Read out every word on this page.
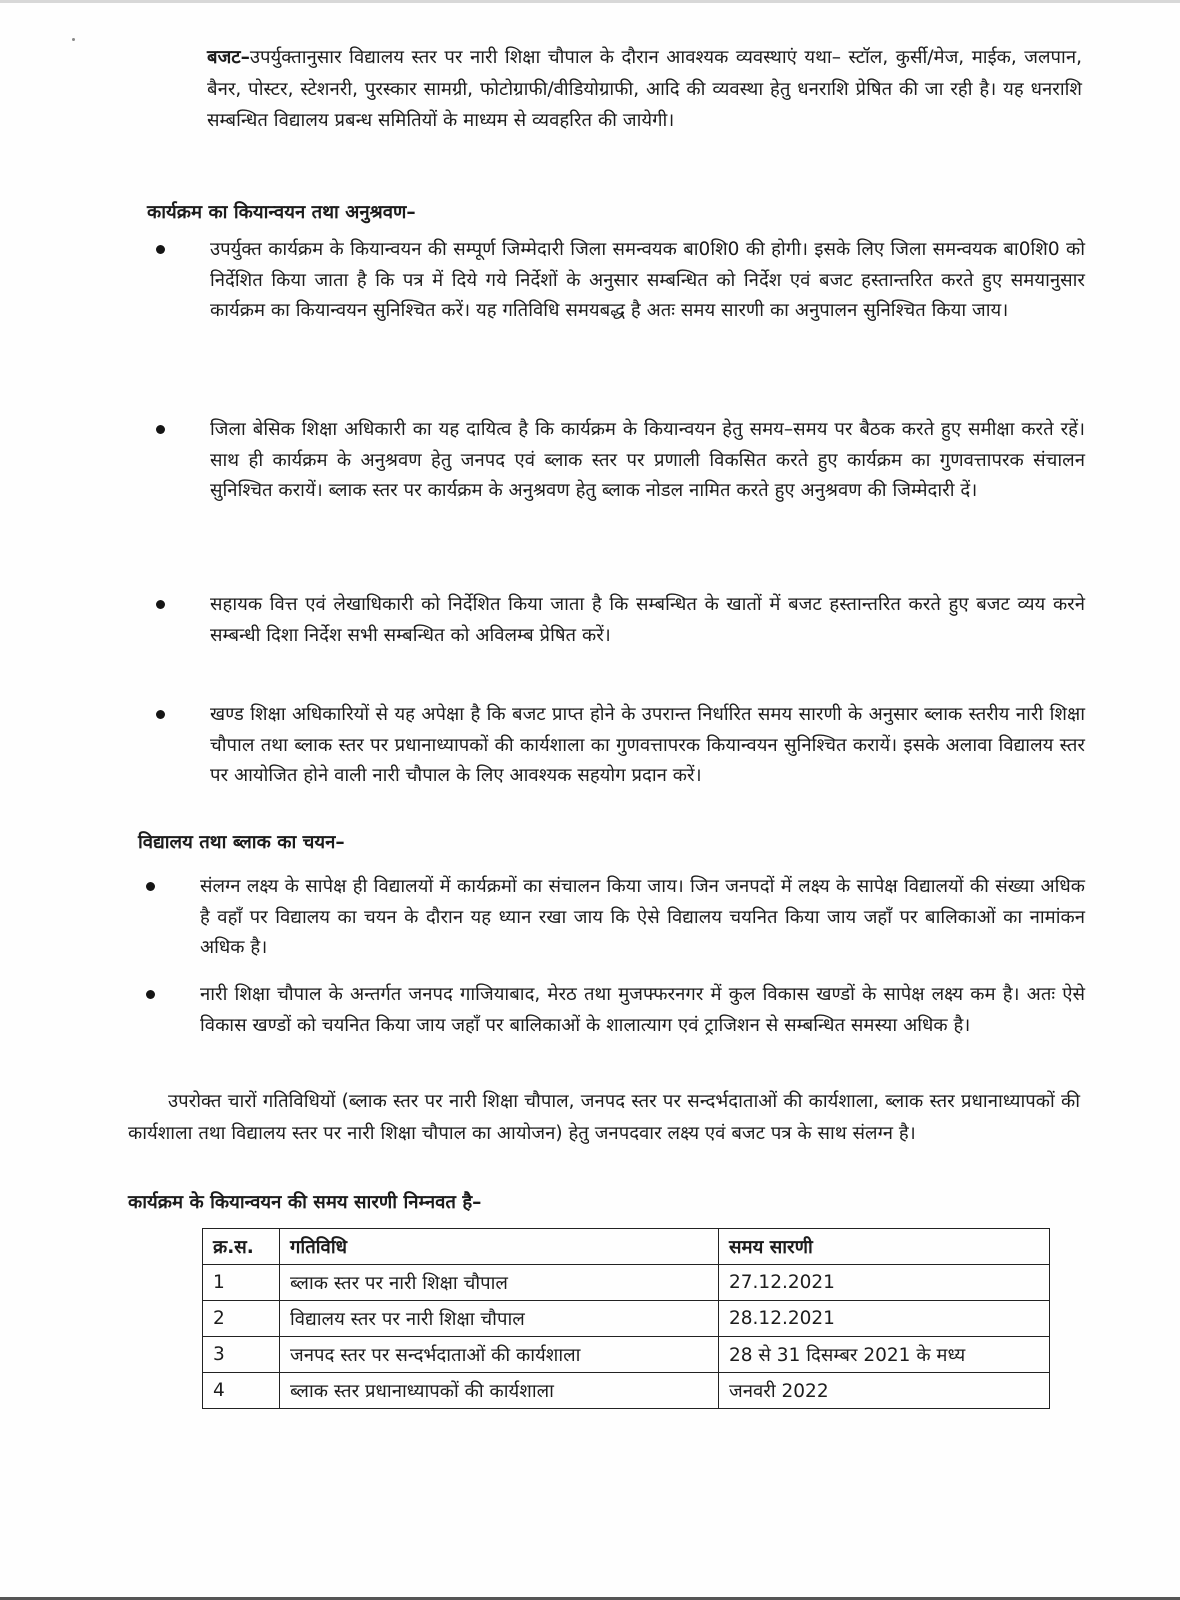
बजट–उपर्युक्तानुसार विद्यालय स्तर पर नारी शिक्षा चौपाल के दौरान आवश्यक व्यवस्थाएं यथा– स्टॉल, कुर्सी/मेज, माईक, जलपान, बैनर, पोस्टर, स्टेशनरी, पुरस्कार सामग्री, फोटोग्राफी/वीडियोग्राफी, आदि की व्यवस्था हेतु धनराशि प्रेषित की जा रही है। यह धनराशि सम्बन्धित विद्यालय प्रबन्ध समितियों के माध्यम से व्यवहरित की जायेगी।

कार्यक्रम का कियान्वयन तथा अनुश्रवण–

उपर्युक्त कार्यक्रम के कियान्वयन की सम्पूर्ण जिम्मेदारी जिला समन्वयक बा0शि0 की होगी। इसके लिए जिला समन्वयक बा0शि0 को निर्देशित किया जाता है कि पत्र में दिये गये निर्देशों के अनुसार सम्बन्धित को निर्देश एवं बजट हस्तान्तरित करते हुए समयानुसार कार्यक्रम का कियान्वयन सुनिश्चित करें। यह गतिविधि समयबद्ध है अतः समय सारणी का अनुपालन सुनिश्चित किया जाय।

जिला बेसिक शिक्षा अधिकारी का यह दायित्व है कि कार्यक्रम के कियान्वयन हेतु समय–समय पर बैठक करते हुए समीक्षा करते रहें। साथ ही कार्यक्रम के अनुश्रवण हेतु जनपद एवं ब्लाक स्तर पर प्रणाली विकसित करते हुए कार्यक्रम का गुणवत्तापरक संचालन सुनिश्चित करायें। ब्लाक स्तर पर कार्यक्रम के अनुश्रवण हेतु ब्लाक नोडल नामित करते हुए अनुश्रवण की जिम्मेदारी दें।

सहायक वित्त एवं लेखाधिकारी को निर्देशित किया जाता है कि सम्बन्धित के खातों में बजट हस्तान्तरित करते हुए बजट व्यय करने सम्बन्धी दिशा निर्देश सभी सम्बन्धित को अविलम्ब प्रेषित करें।

खण्ड शिक्षा अधिकारियों से यह अपेक्षा है कि बजट प्राप्त होने के उपरान्त निर्धारित समय सारणी के अनुसार ब्लाक स्तरीय नारी शिक्षा चौपाल तथा ब्लाक स्तर पर प्रधानाध्यापकों की कार्यशाला का गुणवत्तापरक कियान्वयन सुनिश्चित करायें। इसके अलावा विद्यालय स्तर पर आयोजित होने वाली नारी चौपाल के लिए आवश्यक सहयोग प्रदान करें।

विद्यालय तथा ब्लाक का चयन–

संलग्न लक्ष्य के सापेक्ष ही विद्यालयों में कार्यक्रमों का संचालन किया जाय। जिन जनपदों में लक्ष्य के सापेक्ष विद्यालयों की संख्या अधिक है वहाँ पर विद्यालय का चयन के दौरान यह ध्यान रखा जाय कि ऐसे विद्यालय चयनित किया जाय जहाँ पर बालिकाओं का नामांकन अधिक है।

नारी शिक्षा चौपाल के अन्तर्गत जनपद गाजियाबाद, मेरठ तथा मुजफ्फरनगर में कुल विकास खण्डों के सापेक्ष लक्ष्य कम है। अतः ऐसे विकास खण्डों को चयनित किया जाय जहाँ पर बालिकाओं के शालात्याग एवं ट्राजिशन से सम्बन्धित समस्या अधिक है।

उपरोक्त चारों गतिविधियों (ब्लाक स्तर पर नारी शिक्षा चौपाल, जनपद स्तर पर सन्दर्भदाताओं की कार्यशाला, ब्लाक स्तर प्रधानाध्यापकों की कार्यशाला तथा विद्यालय स्तर पर नारी शिक्षा चौपाल का आयोजन) हेतु जनपदवार लक्ष्य एवं बजट पत्र के साथ संलग्न है।

कार्यक्रम के कियान्वयन की समय सारणी निम्नवत है–

क्र.स.	गतिविधि	समय सारणी
1	ब्लाक स्तर पर नारी शिक्षा चौपाल	27.12.2021
2	विद्यालय स्तर पर नारी शिक्षा चौपाल	28.12.2021
3	जनपद स्तर पर सन्दर्भदाताओं की कार्यशाला	28 से 31 दिसम्बर 2021 के मध्य
4	ब्लाक स्तर प्रधानाध्यापकों की कार्यशाला	जनवरी 2022
